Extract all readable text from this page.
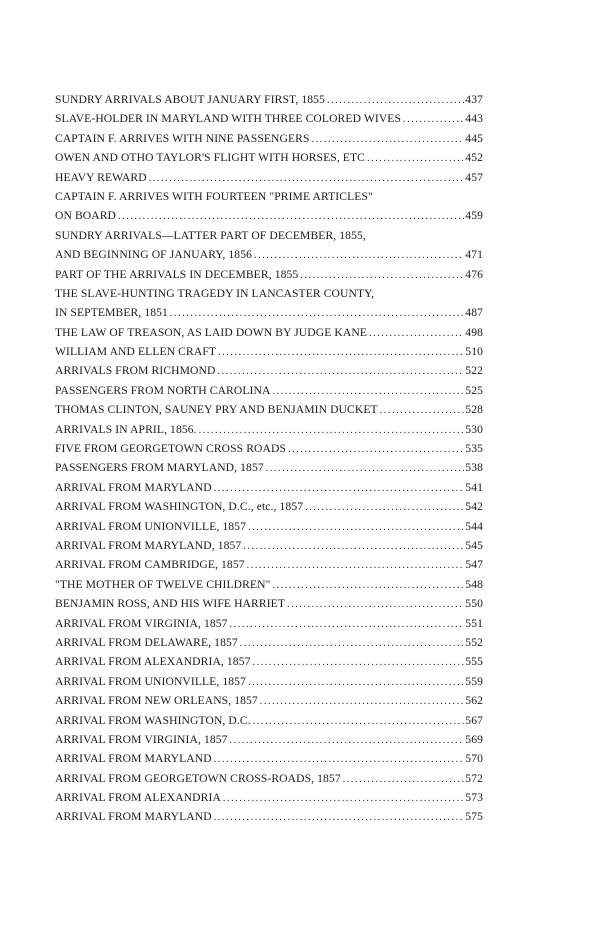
SUNDRY ARRIVALS ABOUT JANUARY FIRST, 1855 .....	437
SLAVE-HOLDER IN MARYLAND WITH THREE COLORED WIVES .....	443
CAPTAIN F. ARRIVES WITH NINE PASSENGERS .....	445
OWEN AND OTHO TAYLOR'S FLIGHT WITH HORSES, ETC .....	452
HEAVY REWARD .....	457
CAPTAIN F. ARRIVES WITH FOURTEEN "PRIME ARTICLES"
ON BOARD .....	459
SUNDRY ARRIVALS—LATTER PART OF DECEMBER, 1855,
AND BEGINNING OF JANUARY, 1856 .....	471
PART OF THE ARRIVALS IN DECEMBER, 1855 .....	476
THE SLAVE-HUNTING TRAGEDY IN LANCASTER COUNTY,
IN SEPTEMBER, 1851 .....	487
THE LAW OF TREASON, AS LAID DOWN BY JUDGE KANE .....	498
WILLIAM AND ELLEN CRAFT .....	510
ARRIVALS FROM RICHMOND .....	522
PASSENGERS FROM NORTH CAROLINA .....	525
THOMAS CLINTON, SAUNEY PRY AND BENJAMIN DUCKET .....	528
ARRIVALS IN APRIL, 1856. .....	530
FIVE FROM GEORGETOWN CROSS ROADS .....	535
PASSENGERS FROM MARYLAND, 1857 .....	538
ARRIVAL FROM MARYLAND .....	541
ARRIVAL FROM WASHINGTON, D.C., etc., 1857 .....	542
ARRIVAL FROM UNIONVILLE, 1857 .....	544
ARRIVAL FROM MARYLAND, 1857 .....	545
ARRIVAL FROM CAMBRIDGE, 1857 .....	547
"THE MOTHER OF TWELVE CHILDREN" .....	548
BENJAMIN ROSS, AND HIS WIFE HARRIET .....	550
ARRIVAL FROM VIRGINIA, 1857 .....	551
ARRIVAL FROM DELAWARE, 1857 .....	552
ARRIVAL FROM ALEXANDRIA, 1857 .....	555
ARRIVAL FROM UNIONVILLE, 1857 .....	559
ARRIVAL FROM NEW ORLEANS, 1857 .....	562
ARRIVAL FROM WASHINGTON, D.C. .....	567
ARRIVAL FROM VIRGINIA, 1857 .....	569
ARRIVAL FROM MARYLAND .....	570
ARRIVAL FROM GEORGETOWN CROSS-ROADS, 1857 .....	572
ARRIVAL FROM ALEXANDRIA .....	573
ARRIVAL FROM MARYLAND .....	575
